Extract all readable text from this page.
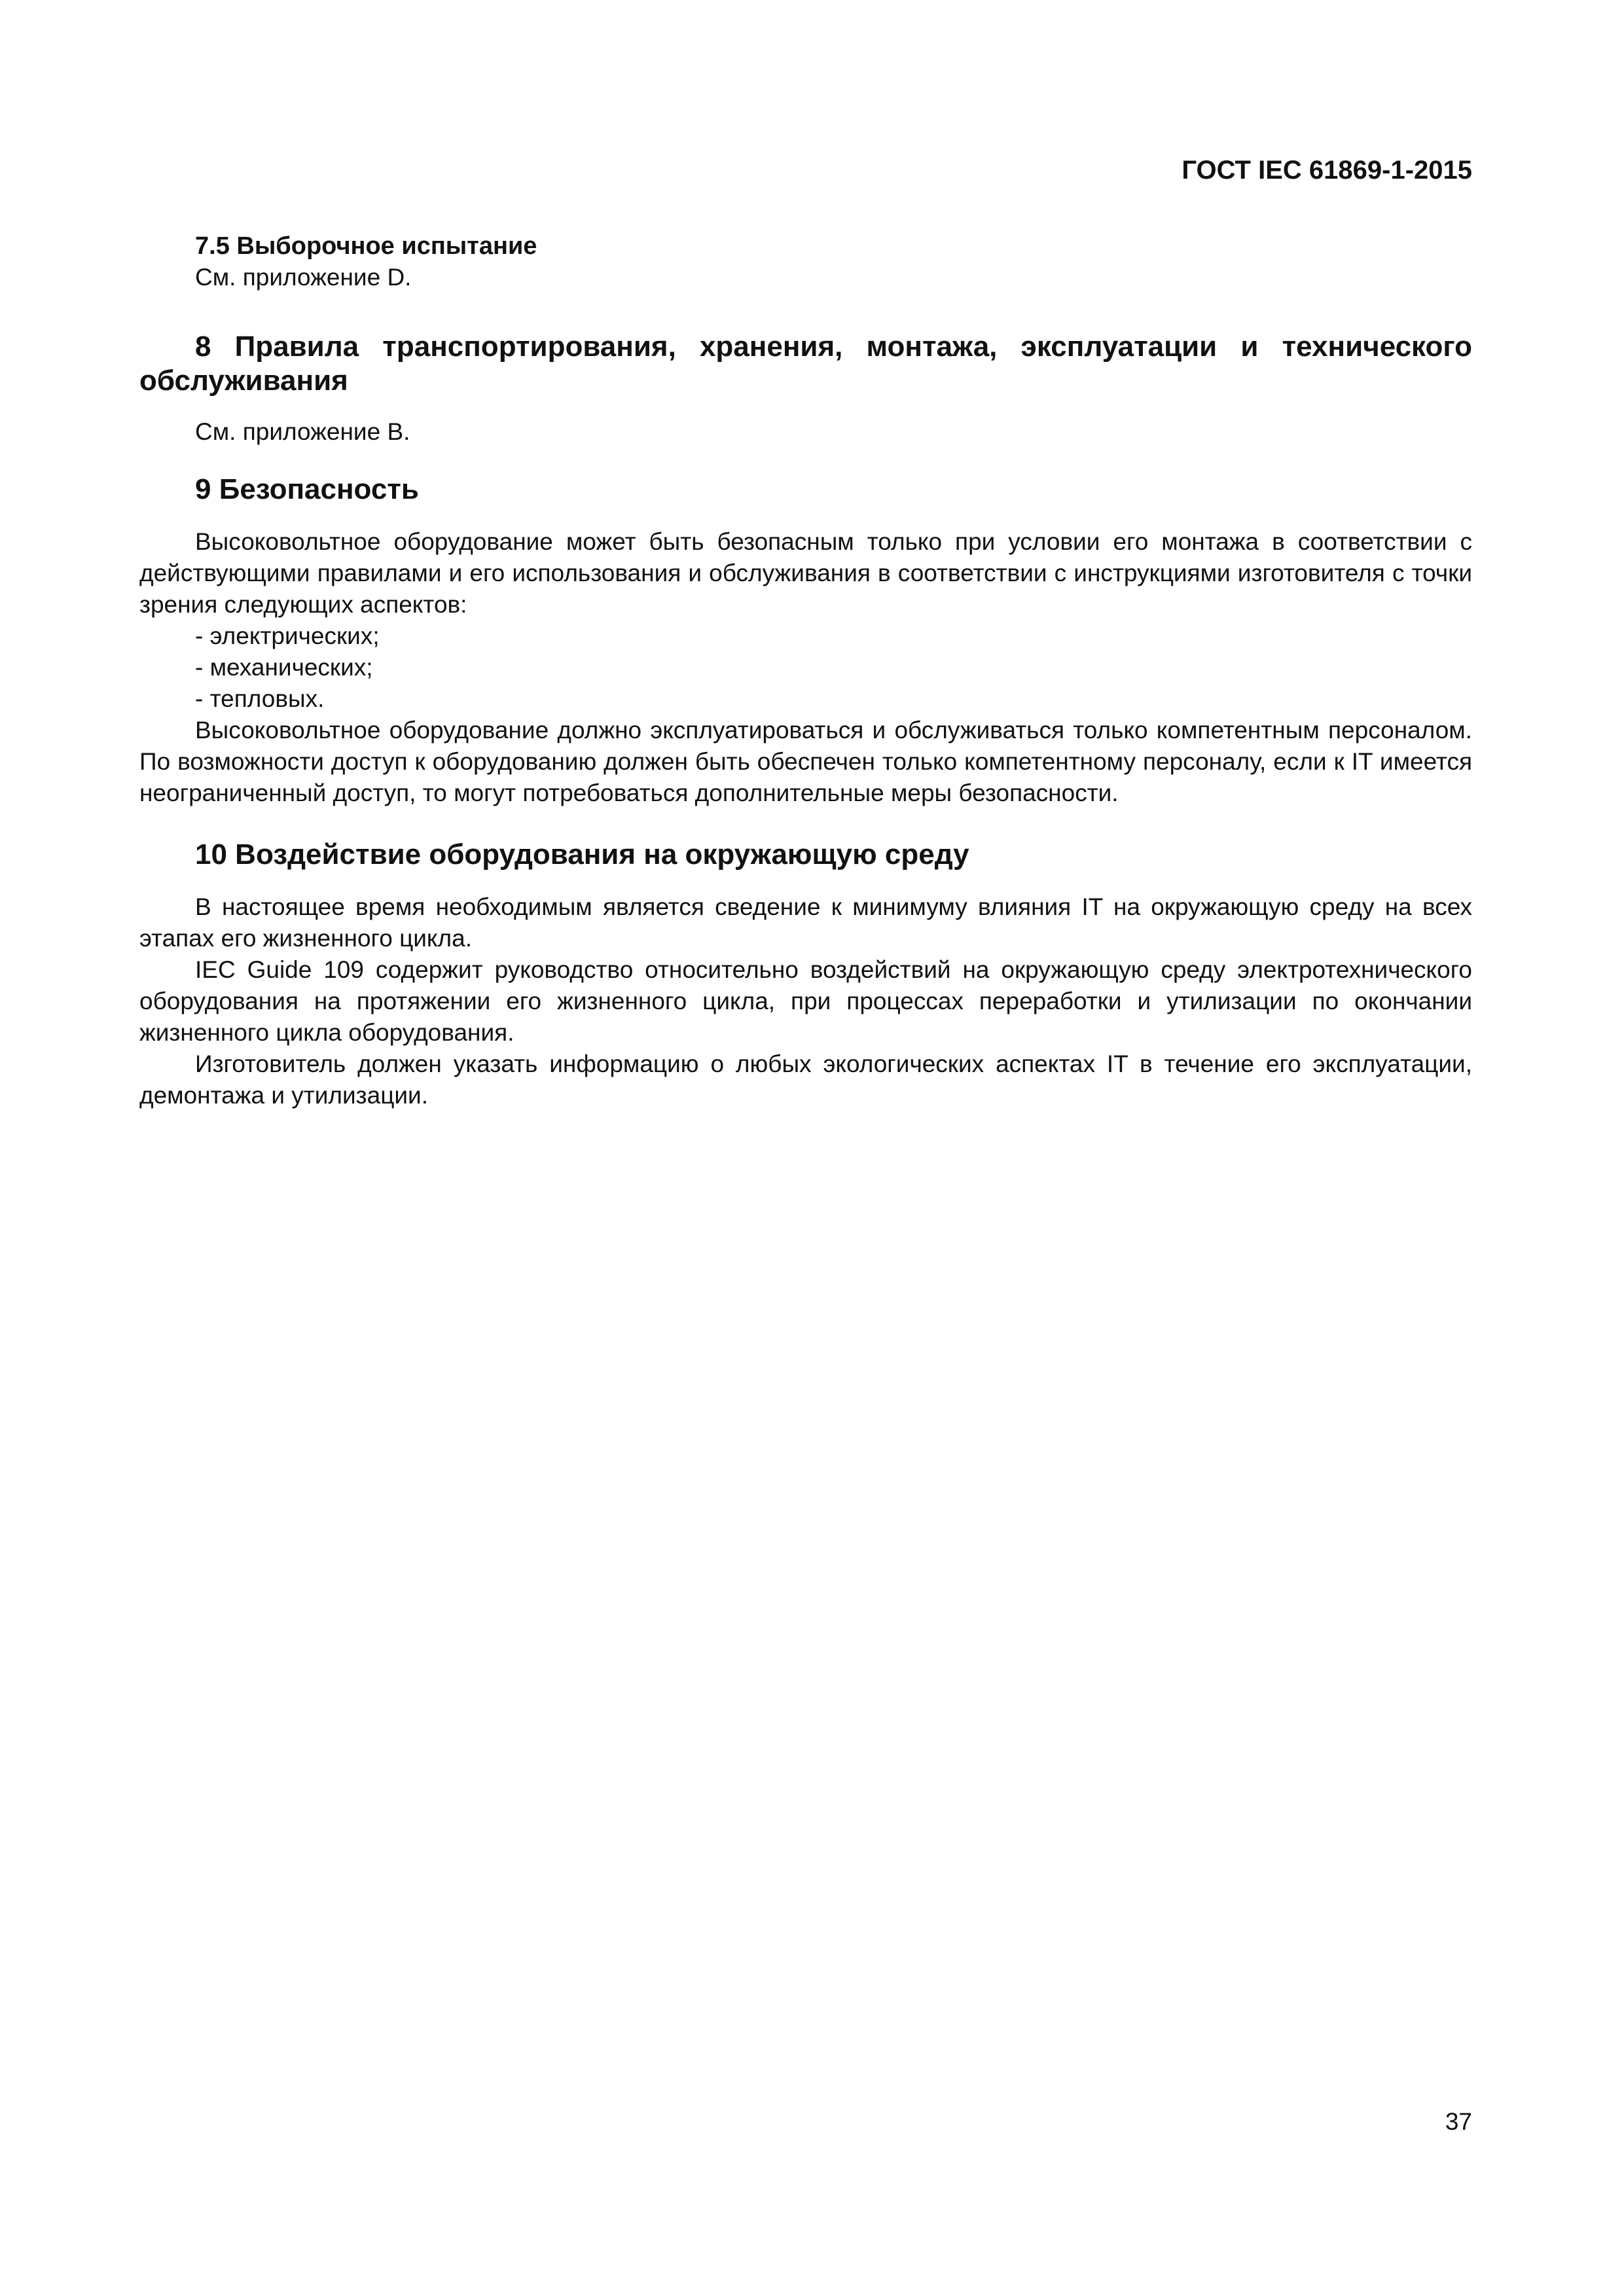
ГОСТ IEC 61869-1-2015
7.5 Выборочное испытание
См. приложение D.
8 Правила транспортирования, хранения, монтажа, эксплуатации и технического обслуживания
См. приложение B.
9 Безопасность

Высоковольтное оборудование может быть безопасным только при условии его монтажа в соответствии с действующими правилами и его использования и обслуживания в соответствии с инструкциями изготовителя с точки зрения следующих аспектов:

- электрических;
- механических;
- тепловых.

Высоковольтное оборудование должно эксплуатироваться и обслуживаться только компетентным персоналом. По возможности доступ к оборудованию должен быть обеспечен только компетентному персоналу, если к IT имеется неограниченный доступ, то могут потребоваться дополнительные меры безопасности.

10 Воздействие оборудования на окружающую среду

В настоящее время необходимым является сведение к минимуму влияния IT на окружающую среду на всех этапах его жизненного цикла.

IEC Guide 109 содержит руководство относительно воздействий на окружающую среду электротехнического оборудования на протяжении его жизненного цикла, при процессах переработки и утилизации по окончании жизненного цикла оборудования.

Изготовитель должен указать информацию о любых экологических аспектах IT в течение его эксплуатации, демонтажа и утилизации.

37
